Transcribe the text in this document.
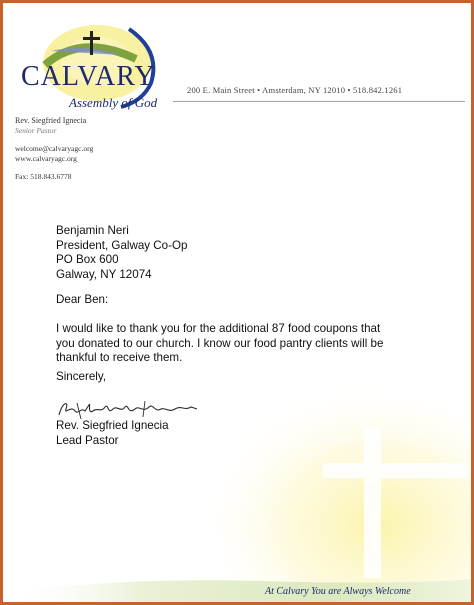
At Calvary You are Always Welcome
CALVARY
Assembly of God
200 E. Main Street • Amsterdam, NY 12010 • 518.842.1261
Rev. Siegfried Ignecia
Senior Pastor
welcome@calvaryagc.org
www.calvaryagc.org
Fax: 518.843.6778
Benjamin Neri
President, Galway Co-Op
PO Box 600
Galway, NY 12074
Dear Ben:
I would like to thank you for the additional 87 food coupons that
you donated to our church. I know our food pantry clients will be
thankful to receive them.
Sincerely,
Rev. Siegfried Ignecia
Lead Pastor
